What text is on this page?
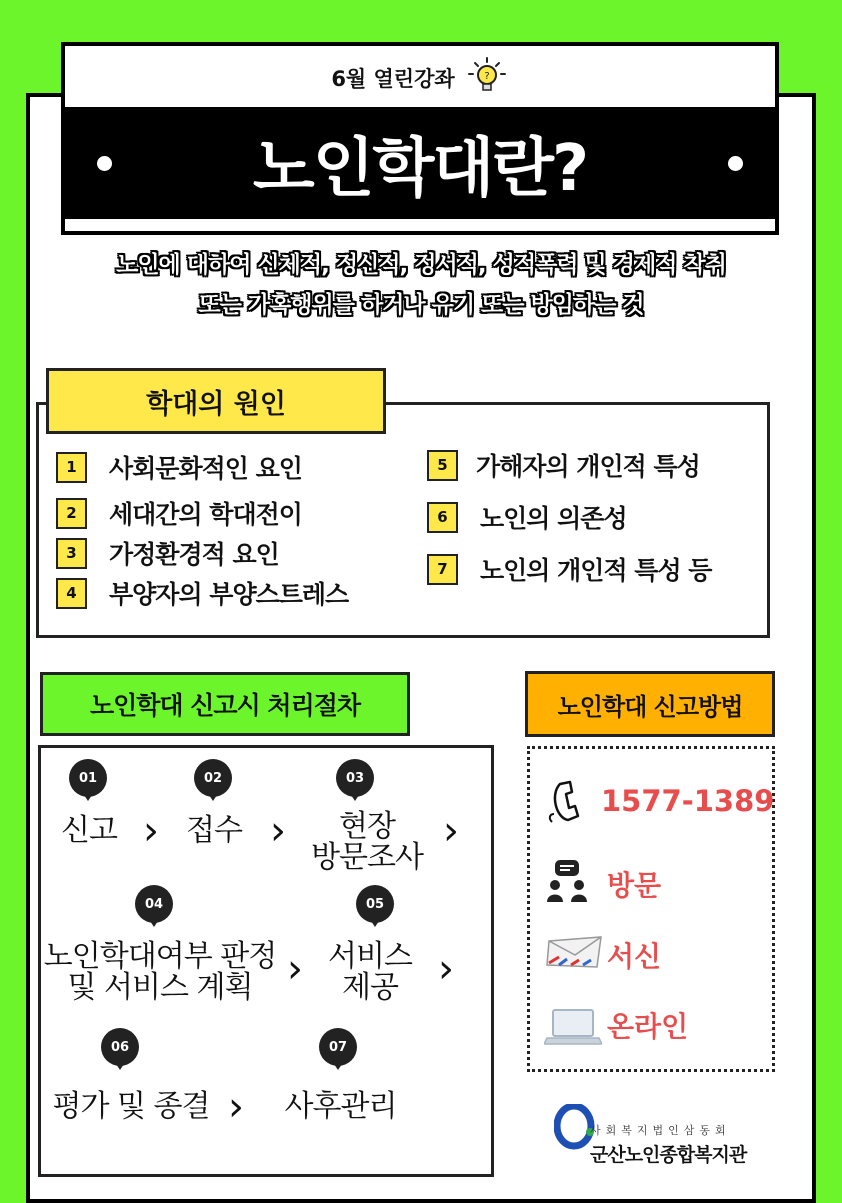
6월 열린강좌	?
노인학대란?
노인에 대하여 신체적, 정신적, 정서적, 성적폭력 및 경제적 착취
또는 가혹행위를 하거나 유기 또는 방임하는 것
학대의 원인
1	사회문화적인 요인
2	세대간의 학대전이
3	가정환경적 요인
4	부양자의 부양스트레스
5	가해자의 개인적 특성
6	노인의 의존성
7	노인의 개인적 특성 등
노인학대 신고시 처리절차
01	02	03
신고 › 접수 ›	현장
방문조사
›
04	05
노인학대여부 판정
및 서비스 계획 › 서비스
제공	›
06	07
평가 및 종결 › 사후관리
노인학대 신고방법
1577-1389
방문
서신
온라인
사회복지법인삼동회
군산노인종합복지관
